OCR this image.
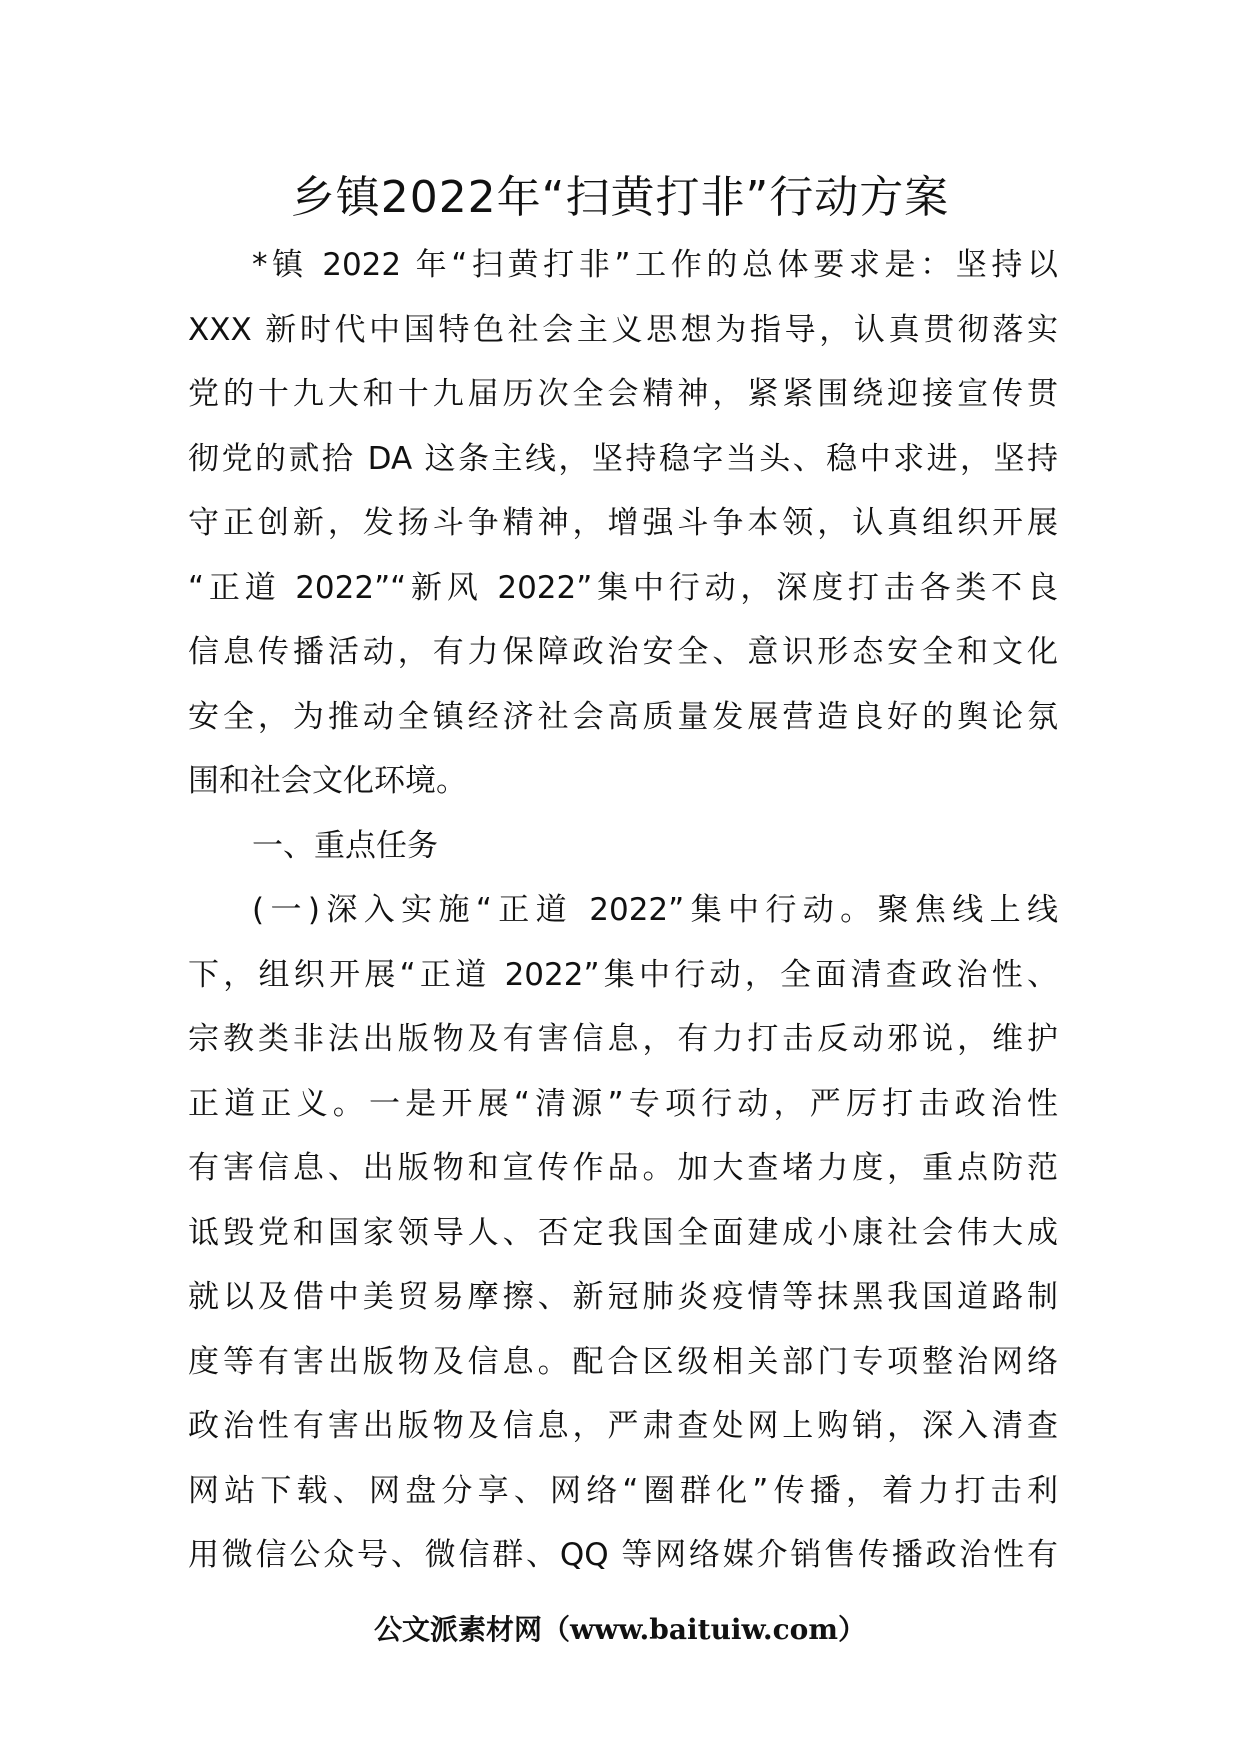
乡镇2022年“扫黄打非”行动方案
*镇 2022 年“扫黄打非”工作的总体要求是：坚持以
XXX 新时代中国特色社会主义思想为指导，认真贯彻落实
党的十九大和十九届历次全会精神，紧紧围绕迎接宣传贯
彻党的贰拾 DA 这条主线，坚持稳字当头、稳中求进，坚持
守正创新，发扬斗争精神，增强斗争本领，认真组织开展
“正道 2022”“新风 2022”集中行动，深度打击各类不良
信息传播活动，有力保障政治安全、意识形态安全和文化
安全，为推动全镇经济社会高质量发展营造良好的舆论氛
围和社会文化环境。
一、重点任务
(一)深入实施“正道 2022”集中行动。聚焦线上线
下，组织开展“正道 2022”集中行动，全面清查政治性、
宗教类非法出版物及有害信息，有力打击反动邪说，维护
正道正义。一是开展“清源”专项行动，严厉打击政治性
有害信息、出版物和宣传作品。加大查堵力度，重点防范
诋毁党和国家领导人、否定我国全面建成小康社会伟大成
就以及借中美贸易摩擦、新冠肺炎疫情等抹黑我国道路制
度等有害出版物及信息。配合区级相关部门专项整治网络
政治性有害出版物及信息，严肃查处网上购销，深入清查
网站下载、网盘分享、网络“圈群化”传播，着力打击利
用微信公众号、微信群、QQ 等网络媒介销售传播政治性有
公文派素材网（www.baituiw.com）
